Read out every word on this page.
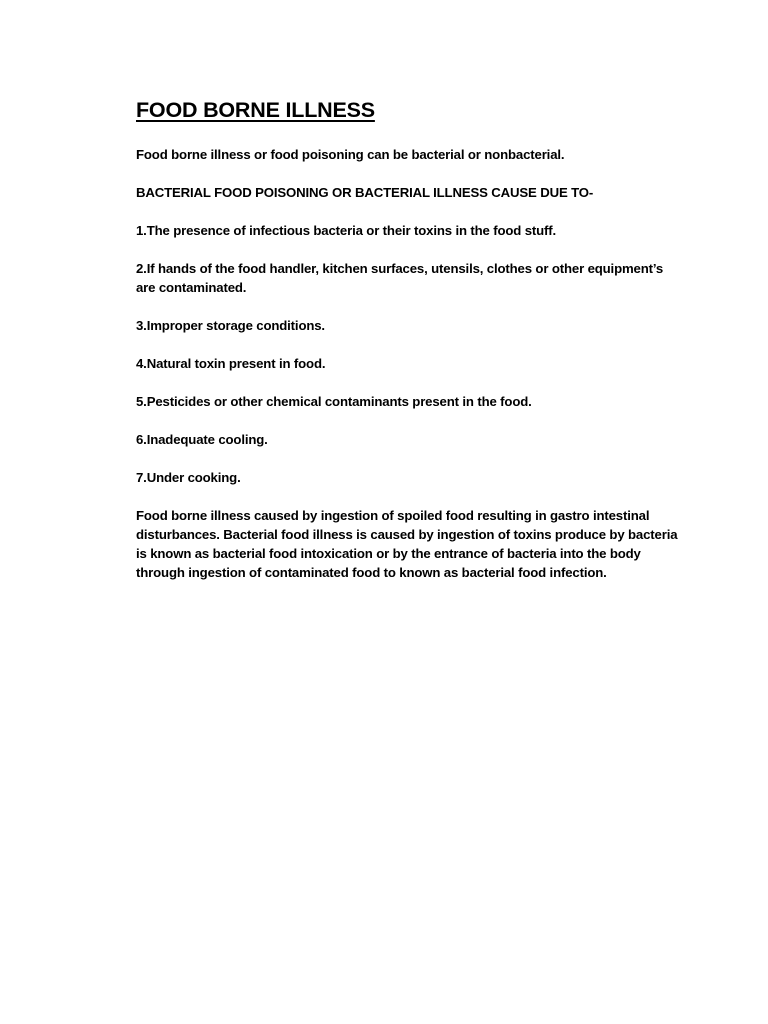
FOOD BORNE ILLNESS

Food borne illness or food poisoning can be bacterial or nonbacterial.

BACTERIAL FOOD POISONING OR BACTERIAL ILLNESS CAUSE DUE TO-

1.The presence of infectious bacteria or their toxins in the food stuff.

2.If hands of the food handler, kitchen surfaces, utensils, clothes or other equipment’s are contaminated.

3.Improper storage conditions.

4.Natural toxin present in food.

5.Pesticides or other chemical contaminants present in the food.

6.Inadequate cooling.

7.Under cooking.

Food borne illness caused by ingestion of spoiled food resulting in gastro intestinal disturbances. Bacterial food illness is caused by ingestion of toxins produce by bacteria is known as bacterial food intoxication or by the entrance of bacteria into the body through ingestion of contaminated food to known as bacterial food infection.
